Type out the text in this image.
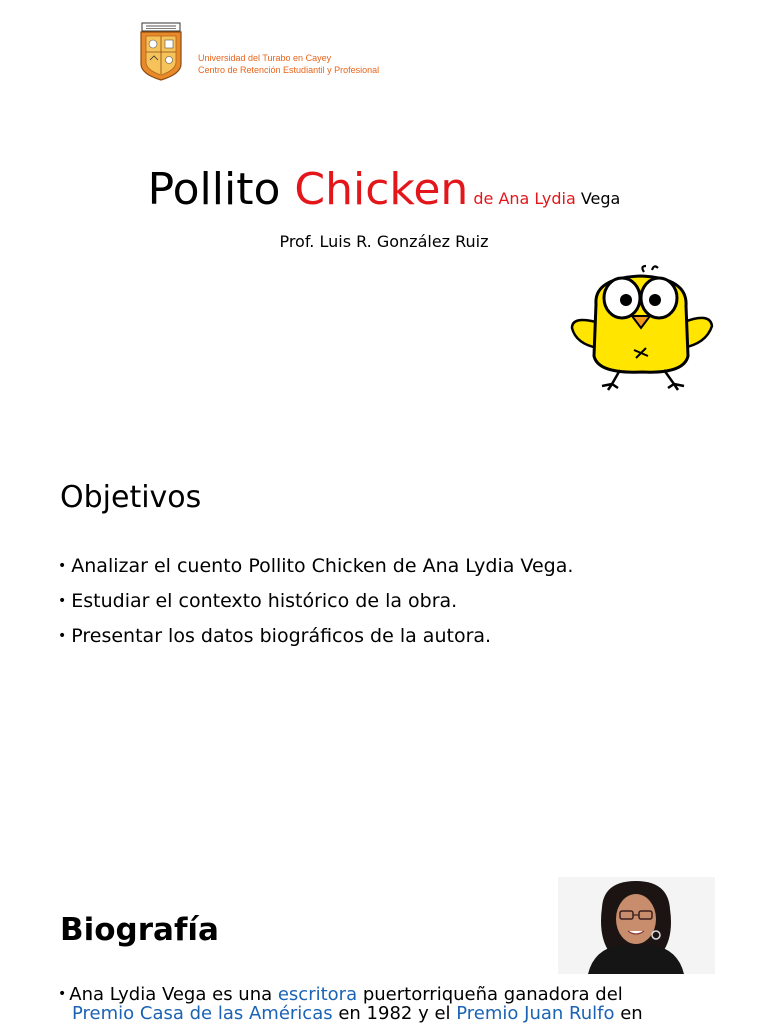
Universidad del Turabo en Cayey
Centro de Retención Estudiantil y Profesional
Pollito Chicken de Ana Lydia Vega
Prof. Luis R. González Ruiz
Objetivos
• Analizar el cuento Pollito Chicken de Ana Lydia Vega.
• Estudiar el contexto histórico de la obra.
• Presentar los datos biográficos de la autora.
Biografía
• Ana Lydia Vega es una escritora puertorriqueña ganadora del
Premio Casa de las Américas en 1982 y el Premio Juan Rulfo en
